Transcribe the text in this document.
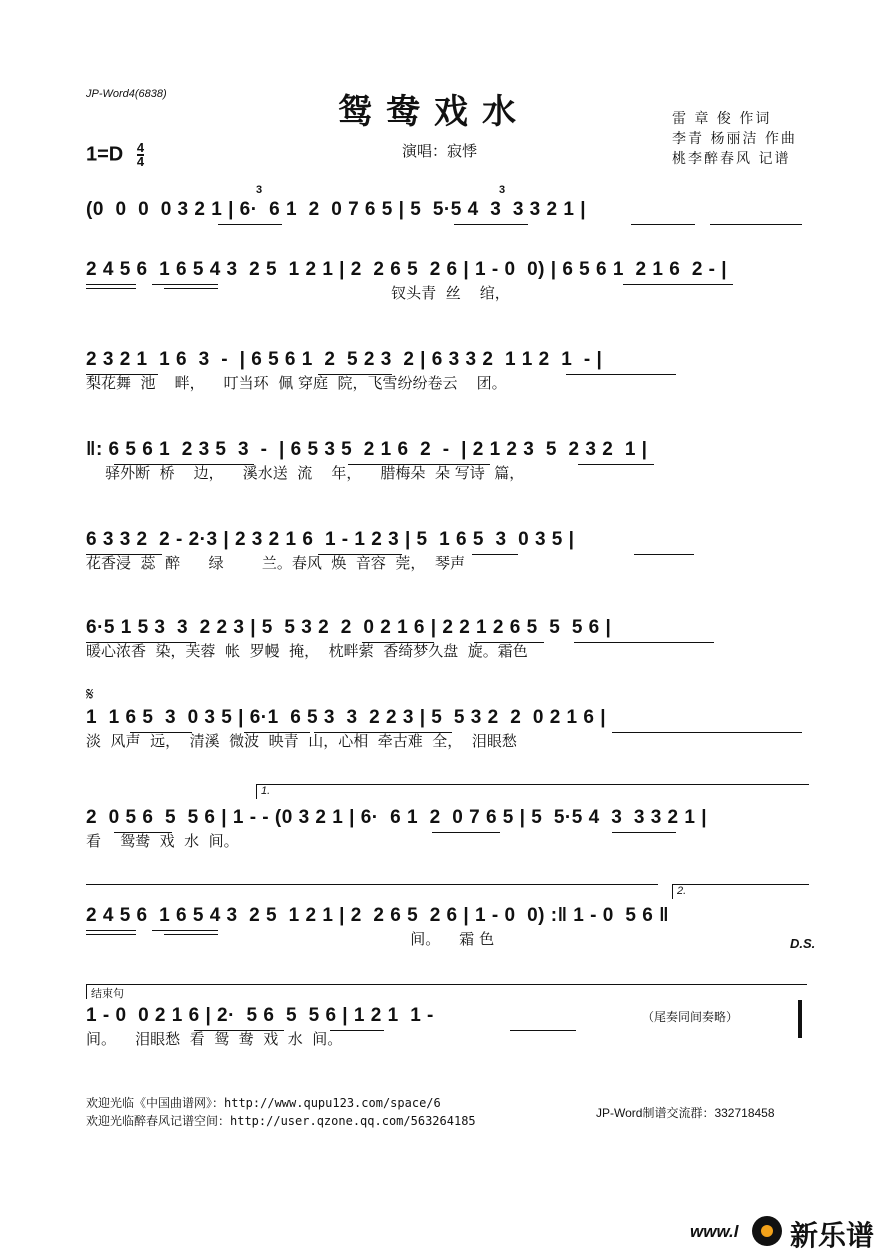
JP-Word4(6838)	鸳鸯戏水
$1=D \frac{4}{4}$	演唱：寂悸
雷 章 俊 作词
李青 杨丽洁 作曲
桃李醉春风 记谱
3	3
(0  0  0  0 3 2 1 | 6·  6 1  2  0 7 6 5 | 5  5·5 4  3  3 3 2 1 |
2 4 5 6  1 6 5 4 3  2 5  1 2 1 | 2  2 6 5  2 6 | 1 - 0  0) | 6 5 6 1  2 1 6  2 - |
钗头青  丝    绾，
2 3 2 1  1 6  3  -  | 6 5 6 1  2  5 2 3  2 | 6 3 3 2  1 1 2  1  - |
梨花舞  池    畔，    叮当环  佩 穿庭  院，飞雪纷纷卷云    团。
‖: 6 5 6 1  2 3 5  3  -  | 6 5 3 5  2 1 6  2  -  | 2 1 2 3  5  2 3 2  1 |
驿外断  桥    边，    溪水送  流    年，    腊梅朵  朵 写诗  篇，
6 3 3 2  2 - 2·3 | 2 3 2 1 6  1 - 1 2 3 | 5  1 6 5  3  0 3 5 |
花香浸  蕊  醉      绿        兰。春风  焕  音容  莞，  琴声
6·5 1 5 3  3  2 2 3 | 5  5 3 2  2  0 2 1 6 | 2 2 1 2 6 5  5  5 6 |
暖心浓香  染，芙蓉  帐  罗幔  掩，  枕畔萦  香绮梦久盘  旋。霜色
𝄋
1  1 6 5  3  0 3 5 | 6·1  6 5 3  3  2 2 3 | 5  5 3 2  2  0 2 1 6 |
淡  风声  远，  清溪  微波  映青  山，心相  牵古难  全，  泪眼愁
1.
2  0 5 6  5  5 6 | 1 - - (0 3 2 1 | 6·  6 1  2  0 7 6 5 | 5  5·5 4  3  3 3 2 1 |
看    鸳鸯  戏  水  间。
2.
2 4 5 6  1 6 5 4 3  2 5  1 2 1 | 2  2 6 5  2 6 | 1 - 0  0) :‖ 1 - 0  5 6 ‖
间。    霜 色	D.S.
结束句
1 - 0  0 2 1 6 | 2·  5 6  5  5 6 | 1 2 1  1 -
间。    泪眼愁  看  鸳  鸯  戏  水  间。
（尾奏同间奏略）
欢迎光临《中国曲谱网》：http://www.qupu123.com/space/6
欢迎光临醉春风记谱空间：http://user.qzone.qq.com/563264185
JP-Word制谱交流群：332718458
www.l 新乐谱
